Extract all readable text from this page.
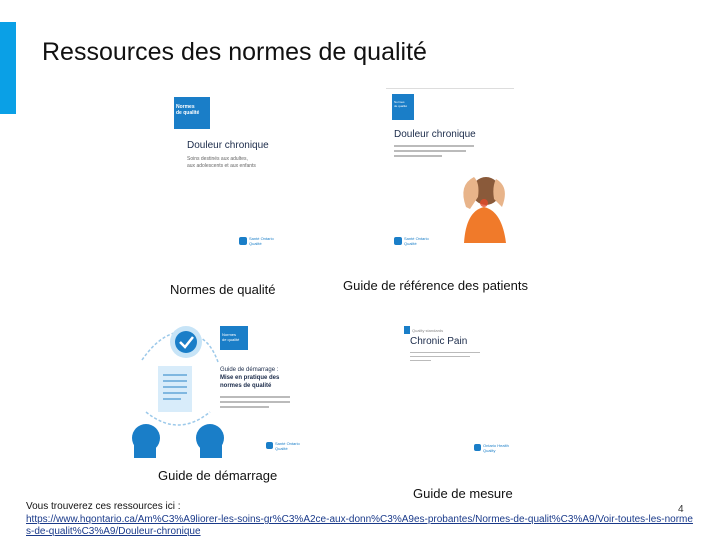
Ressources des normes de qualité
Normes
de qualité
Douleur chronique
Soins destinés aux adultes,
aux adolescents et aux enfants
Santé Ontario
Qualité
Normes de qualité
Normes
de qualité
Douleur chronique
Santé Ontario
Qualité
Guide de référence des patients
Normes
de qualité
Guide de démarrage :
Mise en pratique des
normes de qualité
Santé Ontario
Qualité
Guide de démarrage
Quality standards
Chronic Pain
Ontario Health
Quality
Guide de mesure
Vous trouverez ces ressources ici :	4
https://www.hqontario.ca/Am%C3%A9liorer-les-soins-gr%C3%A2ce-aux-donn%C3%A9es-probantes/Normes-de-qualit%C3%A9/Voir-toutes-les-normes-de-qualit%C3%A9/Douleur-chronique
